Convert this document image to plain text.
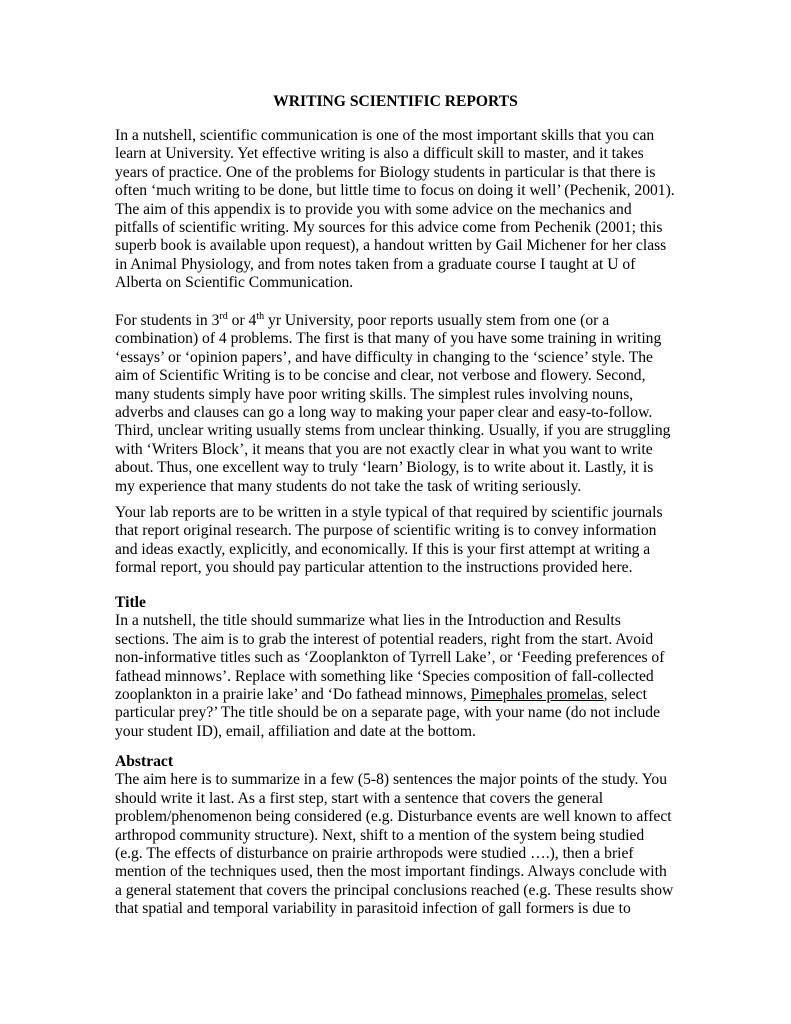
WRITING SCIENTIFIC REPORTS
In a nutshell, scientific communication is one of the most important skills that you can
learn at University. Yet effective writing is also a difficult skill to master, and it takes
years of practice. One of the problems for Biology students in particular is that there is
often ‘much writing to be done, but little time to focus on doing it well’ (Pechenik, 2001).
The aim of this appendix is to provide you with some advice on the mechanics and
pitfalls of scientific writing. My sources for this advice come from Pechenik (2001; this
superb book is available upon request), a handout written by Gail Michener for her class
in Animal Physiology, and from notes taken from a graduate course I taught at U of
Alberta on Scientific Communication.
For students in 3rd or 4th yr University, poor reports usually stem from one (or a
combination) of 4 problems. The first is that many of you have some training in writing
‘essays’ or ‘opinion papers’, and have difficulty in changing to the ‘science’ style. The
aim of Scientific Writing is to be concise and clear, not verbose and flowery. Second,
many students simply have poor writing skills. The simplest rules involving nouns,
adverbs and clauses can go a long way to making your paper clear and easy-to-follow.
Third, unclear writing usually stems from unclear thinking. Usually, if you are struggling
with ‘Writers Block’, it means that you are not exactly clear in what you want to write
about. Thus, one excellent way to truly ‘learn’ Biology, is to write about it. Lastly, it is
my experience that many students do not take the task of writing seriously.
Your lab reports are to be written in a style typical of that required by scientific journals
that report original research. The purpose of scientific writing is to convey information
and ideas exactly, explicitly, and economically. If this is your first attempt at writing a
formal report, you should pay particular attention to the instructions provided here.
Title
In a nutshell, the title should summarize what lies in the Introduction and Results
sections. The aim is to grab the interest of potential readers, right from the start. Avoid
non-informative titles such as ‘Zooplankton of Tyrrell Lake’, or ‘Feeding preferences of
fathead minnows’. Replace with something like ‘Species composition of fall-collected
zooplankton in a prairie lake’ and ‘Do fathead minnows, Pimephales promelas, select
particular prey?’ The title should be on a separate page, with your name (do not include
your student ID), email, affiliation and date at the bottom.
Abstract
The aim here is to summarize in a few (5-8) sentences the major points of the study. You
should write it last. As a first step, start with a sentence that covers the general
problem/phenomenon being considered (e.g. Disturbance events are well known to affect
arthropod community structure). Next, shift to a mention of the system being studied
(e.g. The effects of disturbance on prairie arthropods were studied ….), then a brief
mention of the techniques used, then the most important findings. Always conclude with
a general statement that covers the principal conclusions reached (e.g. These results show
that spatial and temporal variability in parasitoid infection of gall formers is due to
